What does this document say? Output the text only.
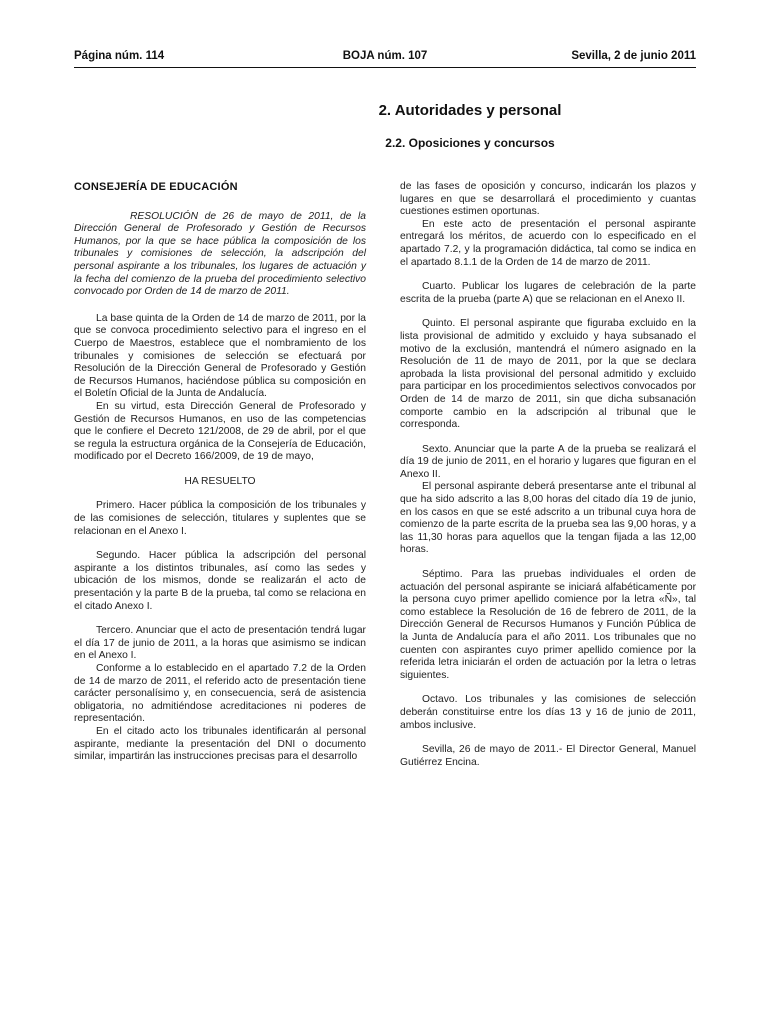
Página núm. 114	BOJA núm. 107	Sevilla, 2 de junio 2011
2. Autoridades y personal
2.2. Oposiciones y concursos
CONSEJERÍA DE EDUCACIÓN

RESOLUCIÓN de 26 de mayo de 2011, de la Dirección General de Profesorado y Gestión de Recursos Humanos, por la que se hace pública la composición de los tribunales y comisiones de selección, la adscripción del personal aspirante a los tribunales, los lugares de actuación y la fecha del comienzo de la prueba del procedimiento selectivo convocado por Orden de 14 de marzo de 2011.

La base quinta de la Orden de 14 de marzo de 2011, por la que se convoca procedimiento selectivo para el ingreso en el Cuerpo de Maestros, establece que el nombramiento de los tribunales y comisiones de selección se efectuará por Resolución de la Dirección General de Profesorado y Gestión de Recursos Humanos, haciéndose pública su composición en el Boletín Oficial de la Junta de Andalucía.

En su virtud, esta Dirección General de Profesorado y Gestión de Recursos Humanos, en uso de las competencias que le confiere el Decreto 121/2008, de 29 de abril, por el que se regula la estructura orgánica de la Consejería de Educación, modificado por el Decreto 166/2009, de 19 de mayo,

HA RESUELTO

Primero. Hacer pública la composición de los tribunales y de las comisiones de selección, titulares y suplentes que se relacionan en el Anexo I.

Segundo. Hacer pública la adscripción del personal aspirante a los distintos tribunales, así como las sedes y ubicación de los mismos, donde se realizarán el acto de presentación y la parte B de la prueba, tal como se relaciona en el citado Anexo I.

Tercero. Anunciar que el acto de presentación tendrá lugar el día 17 de junio de 2011, a la horas que asimismo se indican en el Anexo I.

Conforme a lo establecido en el apartado 7.2 de la Orden de 14 de marzo de 2011, el referido acto de presentación tiene carácter personalísimo y, en consecuencia, será de asistencia obligatoria, no admitiéndose acreditaciones ni poderes de representación.

En el citado acto los tribunales identificarán al personal aspirante, mediante la presentación del DNI o documento similar, impartirán las instrucciones precisas para el desarrollo

de las fases de oposición y concurso, indicarán los plazos y lugares en que se desarrollará el procedimiento y cuantas cuestiones estimen oportunas.

En este acto de presentación el personal aspirante entregará los méritos, de acuerdo con lo especificado en el apartado 7.2, y la programación didáctica, tal como se indica en el apartado 8.1.1 de la Orden de 14 de marzo de 2011.

Cuarto. Publicar los lugares de celebración de la parte escrita de la prueba (parte A) que se relacionan en el Anexo II.

Quinto. El personal aspirante que figuraba excluido en la lista provisional de admitido y excluido y haya subsanado el motivo de la exclusión, mantendrá el número asignado en la Resolución de 11 de mayo de 2011, por la que se declara aprobada la lista provisional del personal admitido y excluido para participar en los procedimientos selectivos convocados por Orden de 14 de marzo de 2011, sin que dicha subsanación comporte cambio en la adscripción al tribunal que le corresponda.

Sexto. Anunciar que la parte A de la prueba se realizará el día 19 de junio de 2011, en el horario y lugares que figuran en el Anexo II.

El personal aspirante deberá presentarse ante el tribunal al que ha sido adscrito a las 8,00 horas del citado día 19 de junio, en los casos en que se esté adscrito a un tribunal cuya hora de comienzo de la parte escrita de la prueba sea las 9,00 horas, y a las 11,30 horas para aquellos que la tengan fijada a las 12,00 horas.

Séptimo. Para las pruebas individuales el orden de actuación del personal aspirante se iniciará alfabéticamente por la persona cuyo primer apellido comience por la letra «Ñ», tal como establece la Resolución de 16 de febrero de 2011, de la Dirección General de Recursos Humanos y Función Pública de la Junta de Andalucía para el año 2011. Los tribunales que no cuenten con aspirantes cuyo primer apellido comience por la referida letra iniciarán el orden de actuación por la letra o letras siguientes.

Octavo. Los tribunales y las comisiones de selección deberán constituirse entre los días 13 y 16 de junio de 2011, ambos inclusive.

Sevilla, 26 de mayo de 2011.- El Director General, Manuel Gutiérrez Encina.
